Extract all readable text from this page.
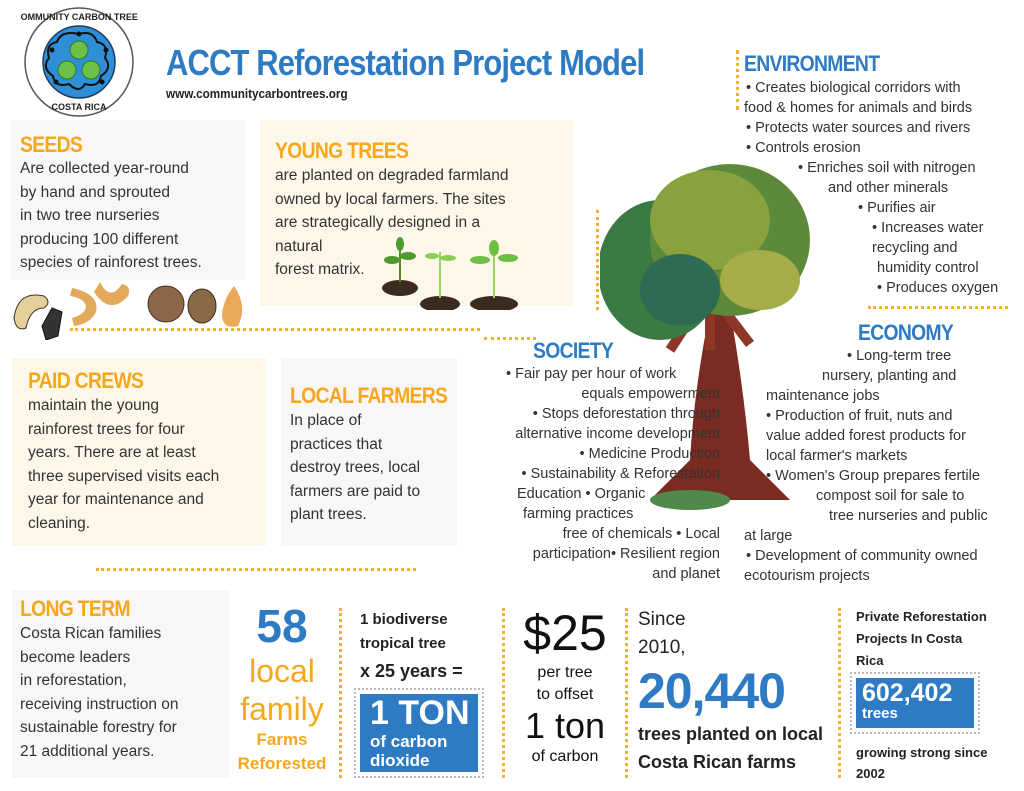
COMMUNITY CARBON TREES
COSTA RICA
ACCT Reforestation Project Model
www.communitycarbontrees.org
SEEDS
Are collected year-round
by hand and sprouted
in two tree nurseries
producing 100 different
species of rainforest trees.
YOUNG TREES
are planted on degraded farmland
owned by local farmers. The sites
are strategically designed in a
natural
forest matrix.
PAID CREWS
maintain the young
rainforest trees for four
years. There are at least
three supervised visits each
year for maintenance and
cleaning.
LOCAL FARMERS
In place of
practices that
destroy trees, local
farmers are paid to
plant trees.
ENVIRONMENT
• Creates biological corridors with
food & homes for animals and birds
• Protects water sources and rivers
• Controls erosion
• Enriches soil with nitrogen
and other minerals
• Purifies air
• Increases water
recycling and
humidity control
• Produces oxygen
SOCIETY
• Fair pay per hour of work
equals empowerment
• Stops deforestation through
alternative income development
• Medicine Production
• Sustainability & Reforestation
Education • Organic
farming practices
free of chemicals • Local
participation• Resilient region
and planet
ECONOMY
• Long-term tree
nursery, planting and
maintenance jobs
• Production of fruit, nuts and
value added forest products for
local farmer's markets
• Women's Group prepares fertile
compost soil for sale to
tree nurseries and public
at large
• Development of community owned
ecotourism projects
LONG TERM
Costa Rican families
become leaders
in reforestation,
receiving instruction on
sustainable forestry for
21 additional years.
58
local
family
Farms
Reforested
1 biodiverse
tropical tree
x 25 years =
1 TON
of carbon
dioxide
$25
per tree
to offset
1 ton
of carbon
Since
2010,
20,440
trees planted on local
Costa Rican farms
Private Reforestation
Projects In Costa
Rica
602,402
trees
growing strong since
2002
